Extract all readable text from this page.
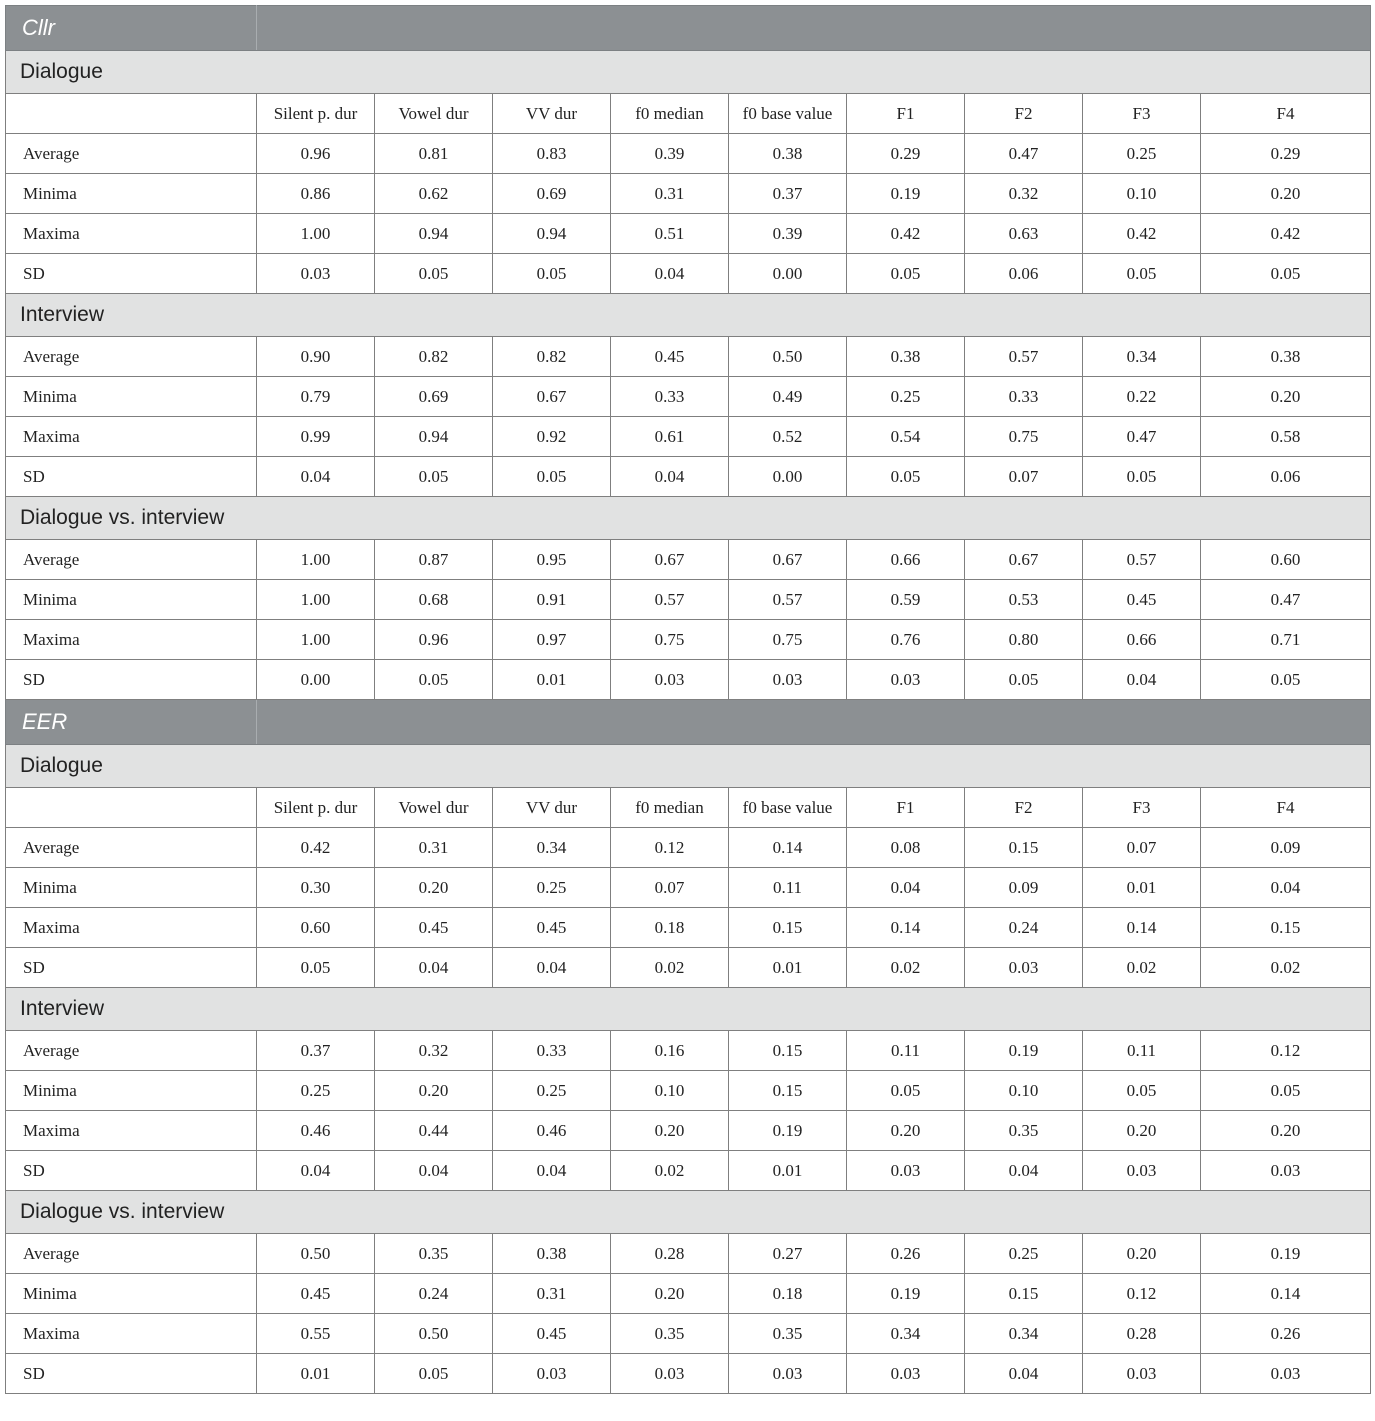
Cllr									
Dialogue									
	Silent p. dur	Vowel dur	VV dur	f0 median	f0 base value	F1	F2	F3	F4
Average	0.96	0.81	0.83	0.39	0.38	0.29	0.47	0.25	0.29
Minima	0.86	0.62	0.69	0.31	0.37	0.19	0.32	0.10	0.20
Maxima	1.00	0.94	0.94	0.51	0.39	0.42	0.63	0.42	0.42
SD	0.03	0.05	0.05	0.04	0.00	0.05	0.06	0.05	0.05
Interview									
Average	0.90	0.82	0.82	0.45	0.50	0.38	0.57	0.34	0.38
Minima	0.79	0.69	0.67	0.33	0.49	0.25	0.33	0.22	0.20
Maxima	0.99	0.94	0.92	0.61	0.52	0.54	0.75	0.47	0.58
SD	0.04	0.05	0.05	0.04	0.00	0.05	0.07	0.05	0.06
Dialogue vs. interview									
Average	1.00	0.87	0.95	0.67	0.67	0.66	0.67	0.57	0.60
Minima	1.00	0.68	0.91	0.57	0.57	0.59	0.53	0.45	0.47
Maxima	1.00	0.96	0.97	0.75	0.75	0.76	0.80	0.66	0.71
SD	0.00	0.05	0.01	0.03	0.03	0.03	0.05	0.04	0.05
EER									
Dialogue									
	Silent p. dur	Vowel dur	VV dur	f0 median	f0 base value	F1	F2	F3	F4
Average	0.42	0.31	0.34	0.12	0.14	0.08	0.15	0.07	0.09
Minima	0.30	0.20	0.25	0.07	0.11	0.04	0.09	0.01	0.04
Maxima	0.60	0.45	0.45	0.18	0.15	0.14	0.24	0.14	0.15
SD	0.05	0.04	0.04	0.02	0.01	0.02	0.03	0.02	0.02
Interview									
Average	0.37	0.32	0.33	0.16	0.15	0.11	0.19	0.11	0.12
Minima	0.25	0.20	0.25	0.10	0.15	0.05	0.10	0.05	0.05
Maxima	0.46	0.44	0.46	0.20	0.19	0.20	0.35	0.20	0.20
SD	0.04	0.04	0.04	0.02	0.01	0.03	0.04	0.03	0.03
Dialogue vs. interview									
Average	0.50	0.35	0.38	0.28	0.27	0.26	0.25	0.20	0.19
Minima	0.45	0.24	0.31	0.20	0.18	0.19	0.15	0.12	0.14
Maxima	0.55	0.50	0.45	0.35	0.35	0.34	0.34	0.28	0.26
SD	0.01	0.05	0.03	0.03	0.03	0.03	0.04	0.03	0.03
